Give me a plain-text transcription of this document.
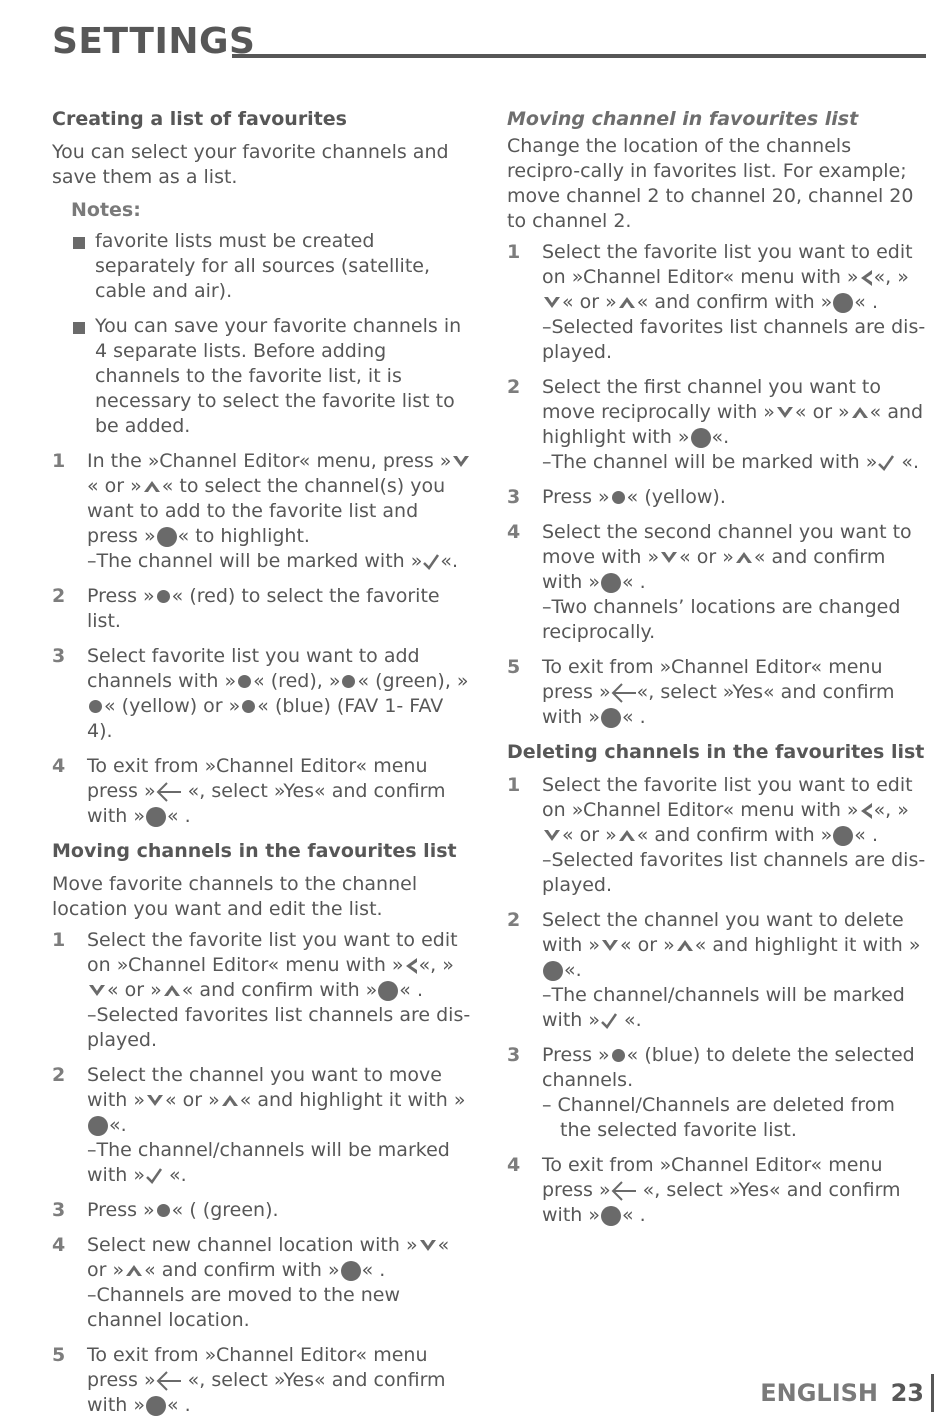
SETTINGS
Creating a list of favourites

You can select your favorite channels and save them as a list.

Notes:
favorite lists must be created separately for all sources (satellite, cable and air).
You can save your favorite channels in 4 separate lists. Before adding channels to the favorite list, it is necessary to select the favorite list to be added.
1 In the »Channel Editor« menu, press »« or » « to select the channel(s) you want to add to the favorite list and press » « to highlight.
–The channel will be marked with » «.
2 Press » « (red) to select the favorite list.
3 Select favorite list you want to add channels with » « (red), » « (green), »« (yellow) or » « (blue) (FAV 1- FAV 4).
4 To exit from »Channel Editor« menu press » «, select »Yes« and confirm with » « .
Moving channels in the favourites list

Move favorite channels to the channel location you want and edit the list.

1 Select the favorite list you want to edit on »Channel Editor« menu with » «, »« or » « and confirm with » « .
–Selected favorites list channels are dis-played.
2 Select the channel you want to move with » « or » « and highlight it with »«.
–The channel/channels will be marked with » «.
3 Press » « ( (green).
4 Select new channel location with » « or » « and confirm with » « .
–Channels are moved to the new channel location.
5 To exit from »Channel Editor« menu press » «, select »Yes« and confirm with » « .
Moving channel in favourites list

Change the location of the channels recipro-cally in favorites list. For example; move channel 2 to channel 20, channel 20 to channel 2.

1 Select the favorite list you want to edit on »Channel Editor« menu with » «, »« or » « and confirm with » « .
–Selected favorites list channels are dis-played.
2 Select the first channel you want to move reciprocally with » « or » « and highlight with » «.
–The channel will be marked with » «.
3 Press » « (yellow).
4 Select the second channel you want to move with » « or » « and confirm with » « .
–Two channels’ locations are changed reciprocally.
5 To exit from »Channel Editor« menu press » «, select »Yes« and confirm with » « .
Deleting channels in the favourites list
1 Select the favorite list you want to edit on »Channel Editor« menu with » «, »« or » « and confirm with » « .
–Selected favorites list channels are dis-played.
2 Select the channel you want to delete with » « or » « and highlight it with »«.
–The channel/channels will be marked with » «.
3 Press » « (blue) to delete the selected channels.
– Channel/Channels are deleted from the selected favorite list.
4 To exit from »Channel Editor« menu press » «, select »Yes« and confirm with » « .
ENGLISH 23
